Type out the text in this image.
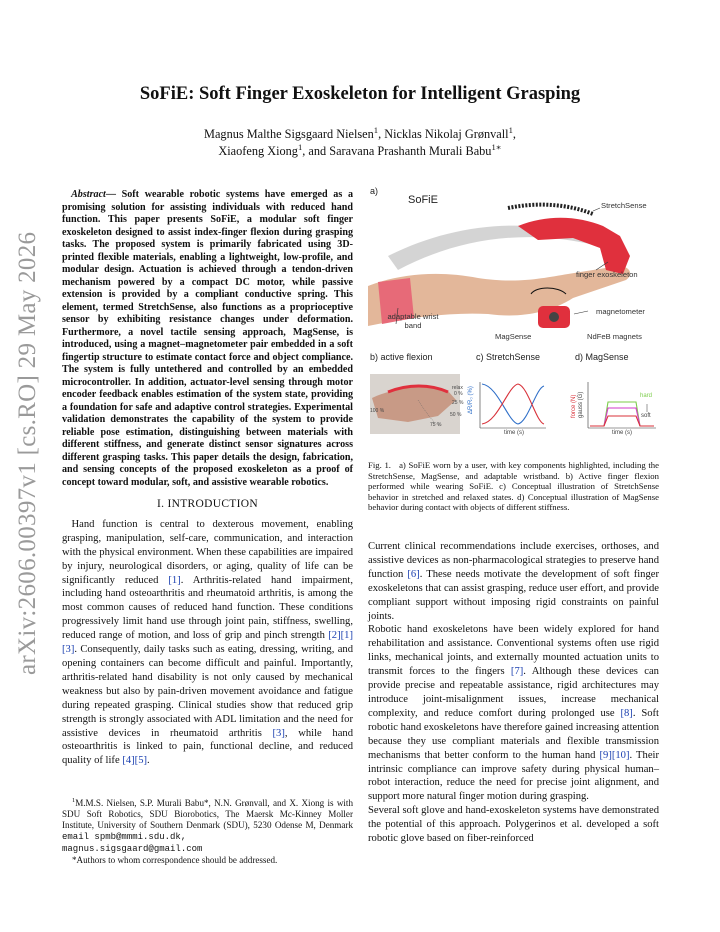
arXiv:2606.00397v1 [cs.RO] 29 May 2026
SoFiE: Soft Finger Exoskeleton for Intelligent Grasping
Magnus Malthe Sigsgaard Nielsen$^1$, Nicklas Nikolaj Grønvall$^1$,
Xiaofeng Xiong$^1$, and Saravana Prashanth Murali Babu$^{1∗}$

Abstract— Soft wearable robotic systems have emerged as a promising solution for assisting individuals with reduced hand function. This paper presents SoFiE, a modular soft finger exoskeleton designed to assist index-finger flexion during grasping tasks. The proposed system is primarily fabricated using 3D-printed flexible materials, enabling a lightweight, low-profile, and modular design. Actuation is achieved through a tendon-driven mechanism powered by a compact DC motor, while passive extension is provided by a compliant conductive spring. This element, termed StretchSense, also functions as a proprioceptive sensor by exhibiting resistance changes under deformation. Furthermore, a novel tactile sensing approach, MagSense, is introduced, using a magnet–magnetometer pair embedded in a soft fingertip structure to estimate contact force and object compliance. The system is fully untethered and controlled by an embedded microcontroller. In addition, actuator-level sensing through motor encoder feedback enables estimation of the system state, providing a foundation for safe and adaptive control strategies. Experimental validation demonstrates the capability of the system to provide reliable pose estimation, distinguishing between materials with different stiffness, and generate distinct sensor signatures across different grasping tasks. This paper details the design, fabrication, and sensing concepts of the proposed exoskeleton as a proof of concept toward modular, soft, and assistive wearable robotics.

I. INTRODUCTION

Hand function is central to dexterous movement, enabling grasping, manipulation, self-care, communication, and interaction with the physical environment. When these capabilities are impaired by injury, neurological disorders, or aging, quality of life can be significantly reduced [1]. Arthritis-related hand impairment, including hand osteoarthritis and rheumatoid arthritis, is among the most common causes of reduced hand function. These conditions progressively limit hand use through joint pain, stiffness, swelling, reduced range of motion, and loss of grip and pinch strength [2][1][3]. Consequently, daily tasks such as eating, dressing, writing, and opening containers can become difficult and painful. Importantly, arthritis-related hand disability is not only caused by mechanical weakness but also by pain-driven movement avoidance and fatigue during repeated grasping. Clinical studies show that reduced grip strength is strongly associated with ADL limitation and the need for assistive devices in rheumatoid arthritis [3], while hand osteoarthritis is linked to pain, functional decline, and reduced quality of life [4][5].

$^1$M.M.S. Nielsen, S.P. Murali Babu*, N.N. Grønvall, and X. Xiong is with SDU Soft Robotics, SDU Biorobotics, The Maersk Mc-Kinney Moller Institute, University of Southern Denmark (SDU), 5230 Odense M, Denmark email spmb@mmmi.sdu.dk,
magnus.sigsgaard@gmail.com

*Authors to whom correspondence should be addressed.

a)
SoFiE	StretchSense
finger exoskeleton
magnetometer
adaptable wrist
band
MagSense	NdFeB magnets
b) active flexion	c) StretchSense	d) MagSense
100 %
75 %
50 %
25 %
0 %
relax ΔR/R₀ (%)
time (s)
force (N) gauss (G)
time (s)
hard
soft
Fig. 1. a) SoFiE worn by a user, with key components highlighted, including the StretchSense, MagSense, and adaptable wristband. b) Active finger flexion performed while wearing SoFiE. c) Conceptual illustration of StretchSense behavior in stretched and relaxed states. d) Conceptual illustration of MagSense behavior during contact with objects of different stiffness.

Current clinical recommendations include exercises, orthoses, and assistive devices as non-pharmacological strategies to preserve hand function [6]. These needs motivate the development of soft finger exoskeletons that can assist grasping, reduce user effort, and provide compliant support without imposing rigid constraints on painful joints.

Robotic hand exoskeletons have been widely explored for hand rehabilitation and assistance. Conventional systems often use rigid links, mechanical joints, and externally mounted actuation units to transmit forces to the fingers [7]. Although these devices can provide precise and repeatable assistance, rigid architectures may introduce joint-misalignment issues, increase mechanical complexity, and reduce comfort during prolonged use [8]. Soft robotic hand exoskeletons have therefore gained increasing attention because they use compliant materials and flexible transmission mechanisms that better conform to the human hand [9][10]. Their intrinsic compliance can improve safety during physical human–robot interaction, reduce the need for precise joint alignment, and support more natural finger motion during grasping.

Several soft glove and hand-exoskeleton systems have demonstrated the potential of this approach. Polygerinos et al. developed a soft robotic glove based on fiber-reinforced
